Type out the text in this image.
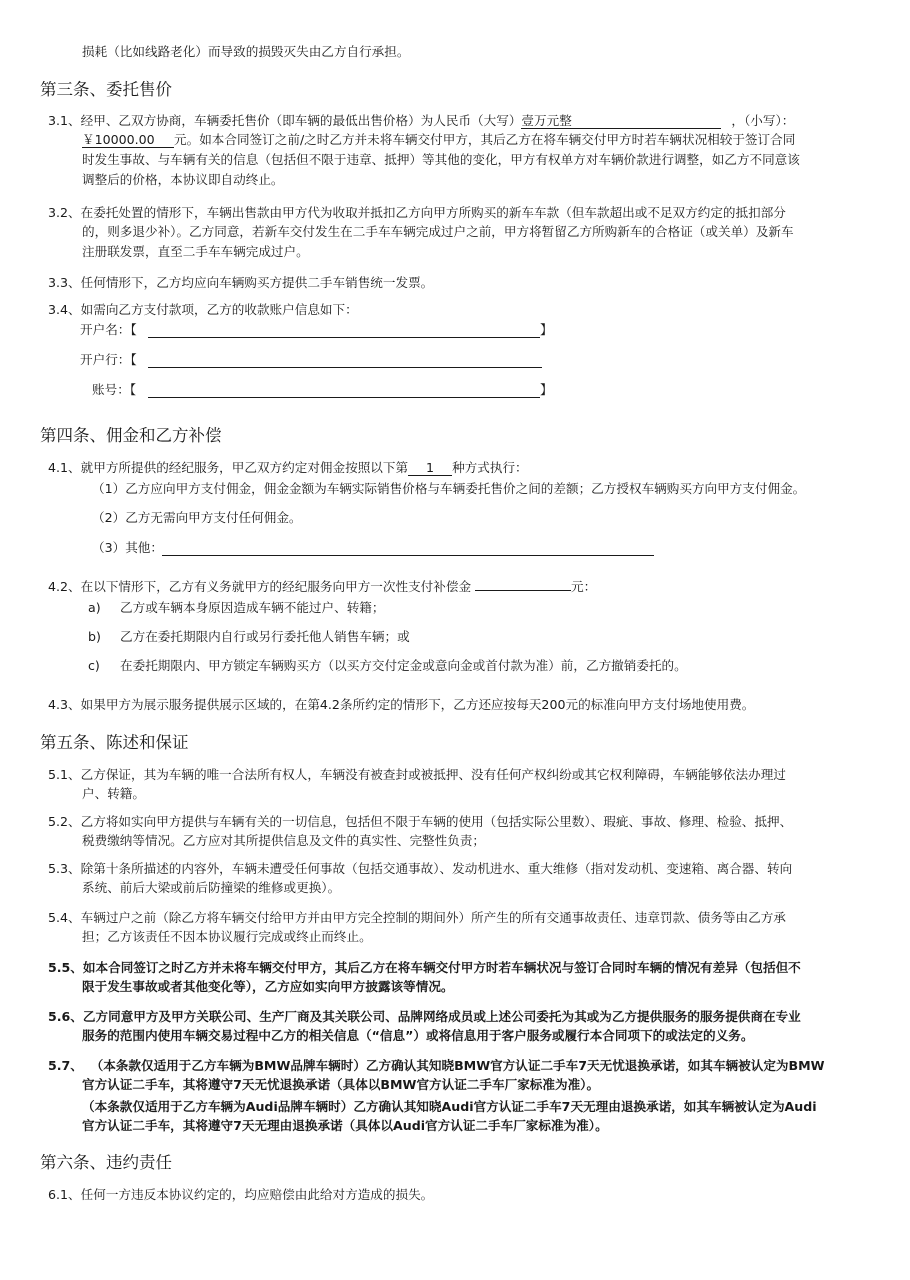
损耗（比如线路老化）而导致的损毁灭失由乙方自行承担。
第三条、委托售价
3.1、经甲、乙双方协商，车辆委托售价（即车辆的最低出售价格）为人民币（大写）壹万元整	，（小写）：
￥10000.00 元。如本合同签订之前/之时乙方并未将车辆交付甲方，其后乙方在将车辆交付甲方时若车辆状况相较于签订合同
时发生事故、与车辆有关的信息（包括但不限于违章、抵押）等其他的变化，甲方有权单方对车辆价款进行调整，如乙方不同意该
调整后的价格，本协议即自动终止。
3.2、在委托处置的情形下，车辆出售款由甲方代为收取并抵扣乙方向甲方所购买的新车车款（但车款超出或不足双方约定的抵扣部分
的，则多退少补）。乙方同意，若新车交付发生在二手车车辆完成过户之前，甲方将暂留乙方所购新车的合格证（或关单）及新车
注册联发票，直至二手车车辆完成过户。
3.3、任何情形下，乙方均应向车辆购买方提供二手车销售统一发票。
3.4、如需向乙方支付款项，乙方的收款账户信息如下：
开户名：【	】
开户行：【
账号：【	】
第四条、佣金和乙方补偿
4.1、就甲方所提供的经纪服务，甲乙双方约定对佣金按照以下第 1 种方式执行：
（1）乙方应向甲方支付佣金，佣金金额为车辆实际销售价格与车辆委托售价之间的差额；乙方授权车辆购买方向甲方支付佣金。
（2）乙方无需向甲方支付任何佣金。
（3）其他：
4.2、在以下情形下，乙方有义务就甲方的经纪服务向甲方一次性支付补偿金	元：
a) 乙方或车辆本身原因造成车辆不能过户、转籍；
b) 乙方在委托期限内自行或另行委托他人销售车辆；或
c) 在委托期限内、甲方锁定车辆购买方（以买方交付定金或意向金或首付款为准）前，乙方撤销委托的。
4.3、如果甲方为展示服务提供展示区域的，在第4.2条所约定的情形下，乙方还应按每天200元的标准向甲方支付场地使用费。
第五条、陈述和保证
5.1、乙方保证，其为车辆的唯一合法所有权人，车辆没有被查封或被抵押、没有任何产权纠纷或其它权利障碍，车辆能够依法办理过
户、转籍。
5.2、乙方将如实向甲方提供与车辆有关的一切信息，包括但不限于车辆的使用（包括实际公里数）、瑕疵、事故、修理、检验、抵押、
税费缴纳等情况。乙方应对其所提供信息及文件的真实性、完整性负责；
5.3、除第十条所描述的内容外，车辆未遭受任何事故（包括交通事故）、发动机进水、重大维修（指对发动机、变速箱、离合器、转向
系统、前后大梁或前后防撞梁的维修或更换）。
5.4、车辆过户之前（除乙方将车辆交付给甲方并由甲方完全控制的期间外）所产生的所有交通事故责任、违章罚款、债务等由乙方承
担；乙方该责任不因本协议履行完成或终止而终止。
5.5、如本合同签订之时乙方并未将车辆交付甲方，其后乙方在将车辆交付甲方时若车辆状况与签订合同时车辆的情况有差异（包括但不
限于发生事故或者其他变化等），乙方应如实向甲方披露该等情况。
5.6、乙方同意甲方及甲方关联公司、生产厂商及其关联公司、品牌网络成员或上述公司委托为其或为乙方提供服务的服务提供商在专业
服务的范围内使用车辆交易过程中乙方的相关信息（“信息”）或将信息用于客户服务或履行本合同项下的或法定的义务。
5.7、 （本条款仅适用于乙方车辆为BMW品牌车辆时）乙方确认其知晓BMW官方认证二手车7天无忧退换承诺，如其车辆被认定为BMW
官方认证二手车，其将遵守7天无忧退换承诺（具体以BMW官方认证二手车厂家标准为准）。
（本条款仅适用于乙方车辆为Audi品牌车辆时）乙方确认其知晓Audi官方认证二手车7天无理由退换承诺，如其车辆被认定为Audi
官方认证二手车，其将遵守7天无理由退换承诺（具体以Audi官方认证二手车厂家标准为准）。
第六条、违约责任
6.1、任何一方违反本协议约定的，均应赔偿由此给对方造成的损失。
